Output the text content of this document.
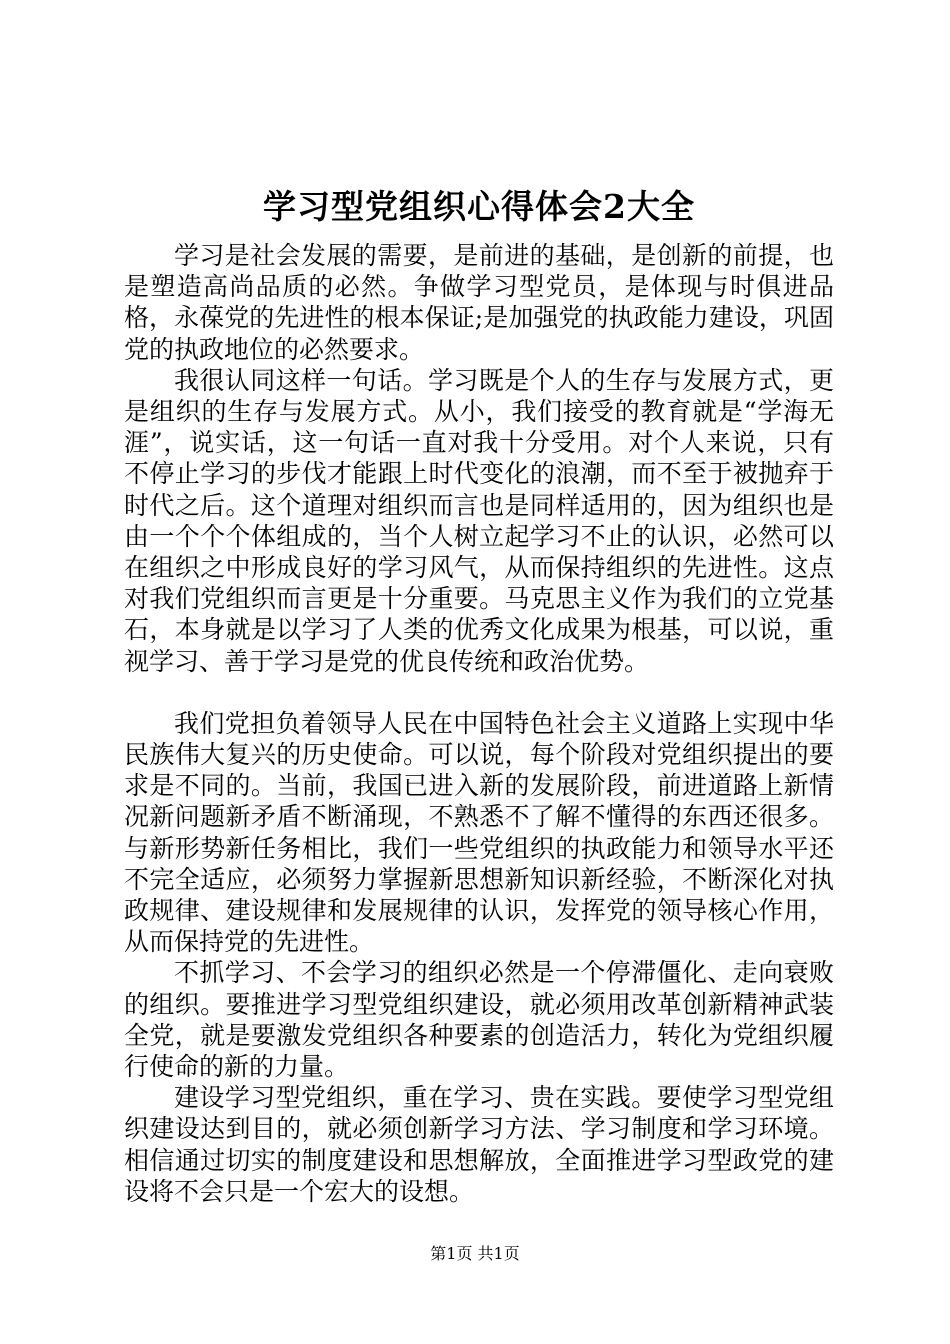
学习型党组织心得体会2大全

学习是社会发展的需要，是前进的基础，是创新的前提，也是塑造高尚品质的必然。争做学习型党员，是体现与时俱进品格，永葆党的先进性的根本保证;是加强党的执政能力建设，巩固党的执政地位的必然要求。

我很认同这样一句话。学习既是个人的生存与发展方式，更是组织的生存与发展方式。从小，我们接受的教育就是“学海无涯”，说实话，这一句话一直对我十分受用。对个人来说，只有不停止学习的步伐才能跟上时代变化的浪潮，而不至于被抛弃于时代之后。这个道理对组织而言也是同样适用的，因为组织也是由一个个个体组成的，当个人树立起学习不止的认识，必然可以在组织之中形成良好的学习风气，从而保持组织的先进性。这点对我们党组织而言更是十分重要。马克思主义作为我们的立党基石，本身就是以学习了人类的优秀文化成果为根基，可以说，重视学习、善于学习是党的优良传统和政治优势。

我们党担负着领导人民在中国特色社会主义道路上实现中华民族伟大复兴的历史使命。可以说，每个阶段对党组织提出的要求是不同的。当前，我国已进入新的发展阶段，前进道路上新情况新问题新矛盾不断涌现，不熟悉不了解不懂得的东西还很多。与新形势新任务相比，我们一些党组织的执政能力和领导水平还不完全适应，必须努力掌握新思想新知识新经验，不断深化对执政规律、建设规律和发展规律的认识，发挥党的领导核心作用，从而保持党的先进性。

不抓学习、不会学习的组织必然是一个停滞僵化、走向衰败的组织。要推进学习型党组织建设，就必须用改革创新精神武装全党，就是要激发党组织各种要素的创造活力，转化为党组织履行使命的新的力量。

建设学习型党组织，重在学习、贵在实践。要使学习型党组织建设达到目的，就必须创新学习方法、学习制度和学习环境。相信通过切实的制度建设和思想解放，全面推进学习型政党的建设将不会只是一个宏大的设想。

第1页 共1页
